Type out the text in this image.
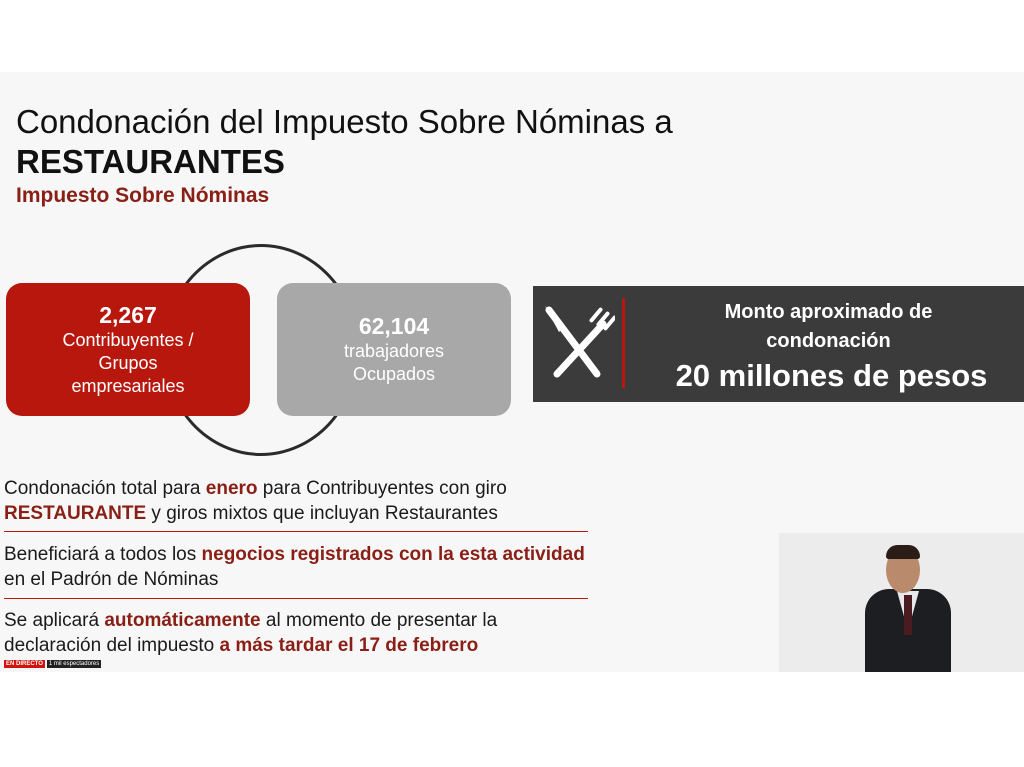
Condonación del Impuesto Sobre Nóminas a
RESTAURANTES
Impuesto Sobre Nóminas
2,267
Contribuyentes /
Grupos
empresariales
62,104
trabajadores
Ocupados
Monto aproximado de
condonación
20 millones de pesos

Condonación total para enero para Contribuyentes con giro RESTAURANTE y giros mixtos que incluyan Restaurantes

Beneficiará a todos los negocios registrados con la esta actividad en el Padrón de Nóminas

Se aplicará automáticamente al momento de presentar la declaración del impuesto a más tardar el 17 de febrero

EN DIRECTO	1 mil espectadores
